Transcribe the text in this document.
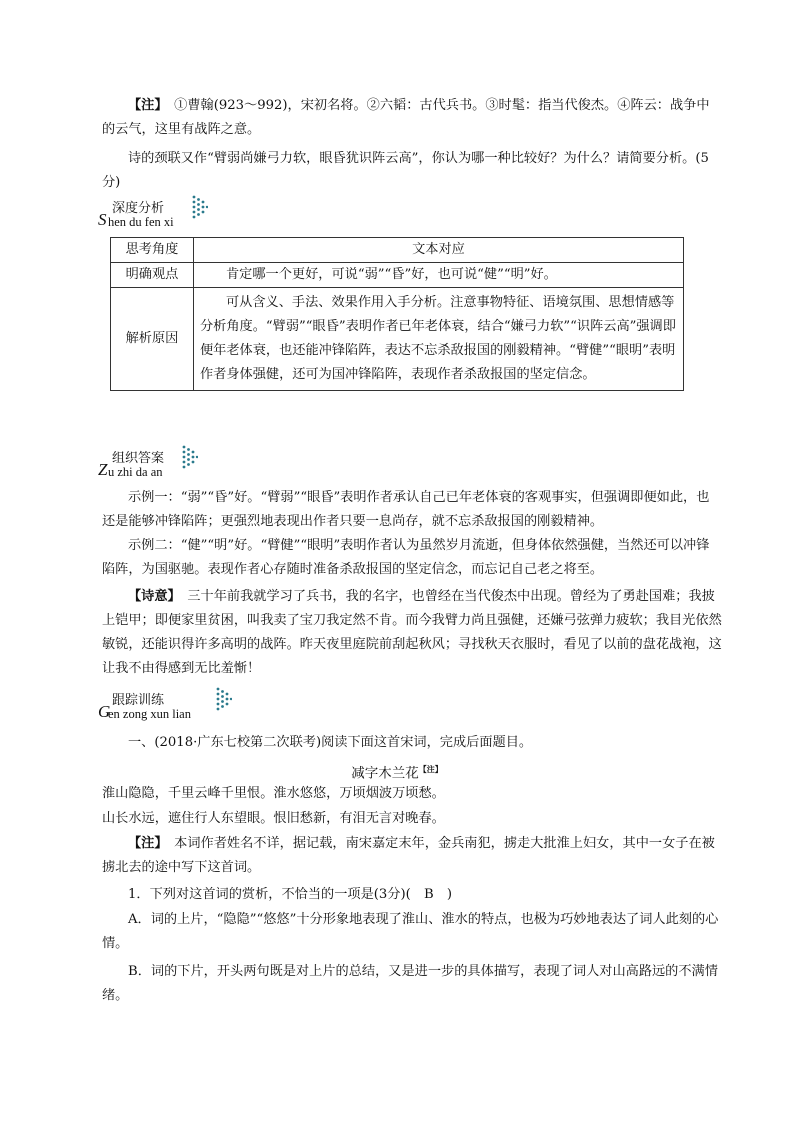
【注】　 ①曹翰(923～992)，宋初名将。②六韬：古代兵书。③时髦：指当代俊杰。④阵云：战争中的云气，这里有战阵之意。

诗的颈联又作“臂弱尚嫌弓力软，眼昏犹识阵云高”，你认为哪一种比较好？为什么？请简要分析。(5分)

S
深度分析
hen du fen xi
思考角度	文本对应
明确观点	肯定哪一个更好，可说“弱”“昏”好，也可说“健”“明”好。
解析原因	可从含义、手法、效果作用入手分析。注意事物特征、语境氛围、思想情感等分析角度。“臂弱”“眼昏”表明作者已年老体衰，结合“嫌弓力软”“识阵云高”强调即便年老体衰，也还能冲锋陷阵，表达不忘杀敌报国的刚毅精神。“臂健”“眼明”表明作者身体强健，还可为国冲锋陷阵，表现作者杀敌报国的坚定信念。
Z
组织答案
u zhi da an

示例一：“弱”“昏”好。“臂弱”“眼昏”表明作者承认自己已年老体衰的客观事实，但强调即便如此，也还是能够冲锋陷阵；更强烈地表现出作者只要一息尚存，就不忘杀敌报国的刚毅精神。

示例二：“健”“明”好。“臂健”“眼明”表明作者认为虽然岁月流逝，但身体依然强健，当然还可以冲锋陷阵，为国驱驰。表现作者心存随时准备杀敌报国的坚定信念，而忘记自己老之将至。

【诗意】　 三十年前我就学习了兵书，我的名字，也曾经在当代俊杰中出现。曾经为了勇赴国难；我披上铠甲；即便家里贫困，叫我卖了宝刀我定然不肯。而今我臂力尚且强健，还嫌弓弦弹力疲软；我目光依然敏锐，还能识得许多高明的战阵。昨天夜里庭院前刮起秋风；寻找秋天衣服时，看见了以前的盘花战袍，这让我不由得感到无比羞惭！

G
跟踪训练
en zong xun lian

一、(2018·广东七校第二次联考)阅读下面这首宋词，完成后面题目。

减字木兰花$^{【注】}$

淮山隐隐，千里云峰千里恨。淮水悠悠，万顷烟波万顷愁。

山长水远，遮住行人东望眼。恨旧愁新，有泪无言对晚春。

【注】　 本词作者姓名不详，据记载，南宋嘉定末年，金兵南犯，掳走大批淮上妇女，其中一女子在被掳北去的途中写下这首词。

1．下列对这首词的赏析，不恰当的一项是(3分)(　B　)

A．词的上片，“隐隐”“悠悠”十分形象地表现了淮山、淮水的特点，也极为巧妙地表达了词人此刻的心情。

B．词的下片，开头两句既是对上片的总结，又是进一步的具体描写，表现了词人对山高路远的不满情绪。
